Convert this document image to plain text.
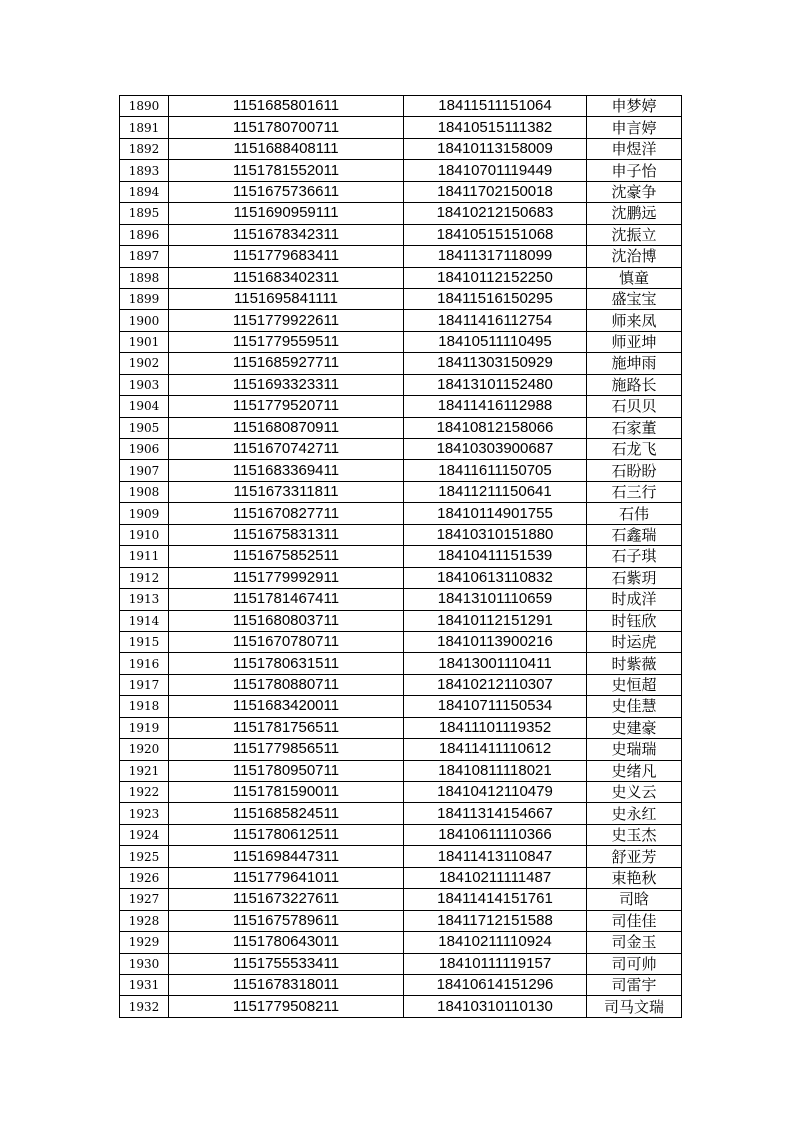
1890	1151685801611	18411511151064	申梦婷
1891	1151780700711	18410515111382	申言婷
1892	1151688408111	18410113158009	申煜洋
1893	1151781552011	18410701119449	申子怡
1894	1151675736611	18411702150018	沈豪争
1895	1151690959111	18410212150683	沈鹏远
1896	1151678342311	18410515151068	沈振立
1897	1151779683411	18411317118099	沈治博
1898	1151683402311	18410112152250	慎童
1899	1151695841111	18411516150295	盛宝宝
1900	1151779922611	18411416112754	师来凤
1901	1151779559511	18410511110495	师亚坤
1902	1151685927711	18411303150929	施坤雨
1903	1151693323311	18413101152480	施路长
1904	1151779520711	18411416112988	石贝贝
1905	1151680870911	18410812158066	石家董
1906	1151670742711	18410303900687	石龙飞
1907	1151683369411	18411611150705	石盼盼
1908	1151673311811	18411211150641	石三行
1909	1151670827711	18410114901755	石伟
1910	1151675831311	18410310151880	石鑫瑞
1911	1151675852511	18410411151539	石子琪
1912	1151779992911	18410613110832	石紫玥
1913	1151781467411	18413101110659	时成洋
1914	1151680803711	18410112151291	时钰欣
1915	1151670780711	18410113900216	时运虎
1916	1151780631511	18413001110411	时紫薇
1917	1151780880711	18410212110307	史恒超
1918	1151683420011	18410711150534	史佳慧
1919	1151781756511	18411101119352	史建豪
1920	1151779856511	18411411110612	史瑞瑞
1921	1151780950711	18410811118021	史绪凡
1922	1151781590011	18410412110479	史义云
1923	1151685824511	18411314154667	史永红
1924	1151780612511	18410611110366	史玉杰
1925	1151698447311	18411413110847	舒亚芳
1926	1151779641011	18410211111487	束艳秋
1927	1151673227611	18411414151761	司晗
1928	1151675789611	18411712151588	司佳佳
1929	1151780643011	18410211110924	司金玉
1930	1151755533411	18410111119157	司可帅
1931	1151678318011	18410614151296	司雷宇
1932	1151779508211	18410310110130	司马文瑞
